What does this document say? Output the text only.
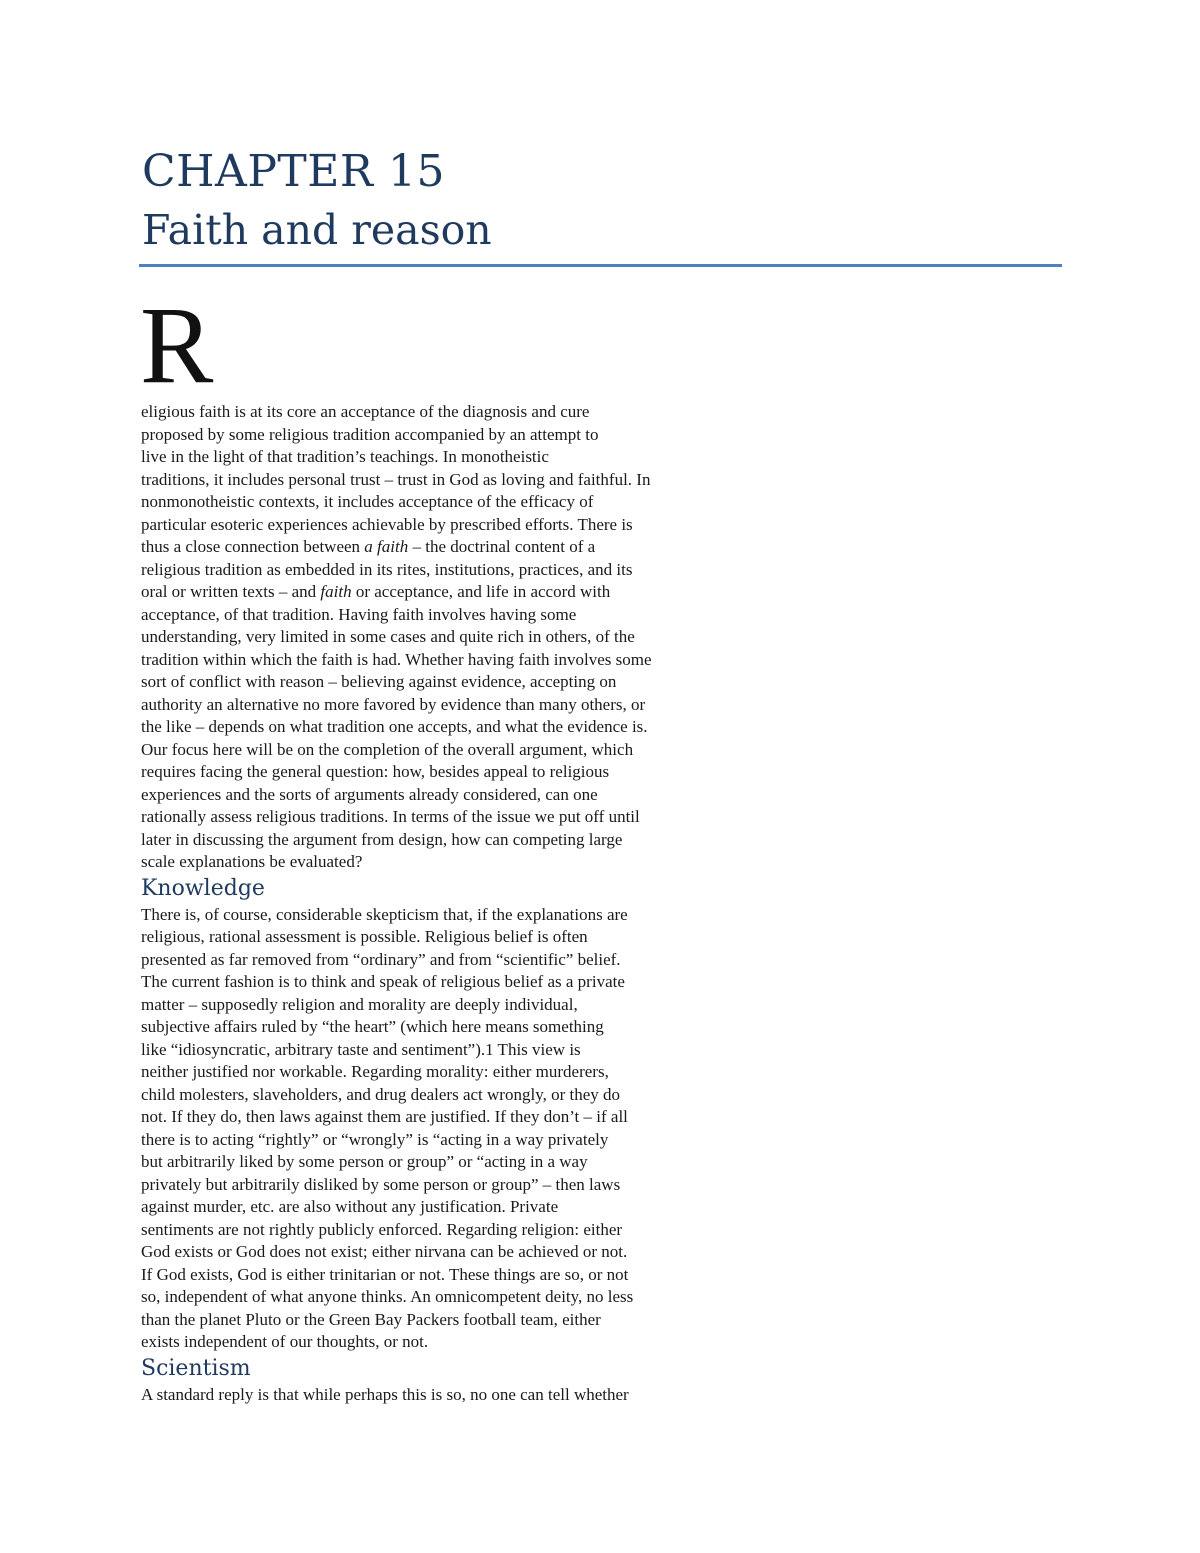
CHAPTER 15
Faith and reason
R
eligious faith is at its core an acceptance of the diagnosis and cure
proposed by some religious tradition accompanied by an attempt to
live in the light of that tradition’s teachings. In monotheistic
traditions, it includes personal trust – trust in God as loving and faithful. In
nonmonotheistic contexts, it includes acceptance of the efficacy of
particular esoteric experiences achievable by prescribed efforts. There is
thus a close connection between a faith – the doctrinal content of a
religious tradition as embedded in its rites, institutions, practices, and its
oral or written texts – and faith or acceptance, and life in accord with
acceptance, of that tradition. Having faith involves having some
understanding, very limited in some cases and quite rich in others, of the
tradition within which the faith is had. Whether having faith involves some
sort of conflict with reason – believing against evidence, accepting on
authority an alternative no more favored by evidence than many others, or
the like – depends on what tradition one accepts, and what the evidence is.
Our focus here will be on the completion of the overall argument, which
requires facing the general question: how, besides appeal to religious
experiences and the sorts of arguments already considered, can one
rationally assess religious traditions. In terms of the issue we put off until
later in discussing the argument from design, how can competing large
scale explanations be evaluated?
Knowledge
There is, of course, considerable skepticism that, if the explanations are
religious, rational assessment is possible. Religious belief is often
presented as far removed from “ordinary” and from “scientific” belief.
The current fashion is to think and speak of religious belief as a private
matter – supposedly religion and morality are deeply individual,
subjective affairs ruled by “the heart” (which here means something
like “idiosyncratic, arbitrary taste and sentiment”).1 This view is
neither justified nor workable. Regarding morality: either murderers,
child molesters, slaveholders, and drug dealers act wrongly, or they do
not. If they do, then laws against them are justified. If they don’t – if all
there is to acting “rightly” or “wrongly” is “acting in a way privately
but arbitrarily liked by some person or group” or “acting in a way
privately but arbitrarily disliked by some person or group” – then laws
against murder, etc. are also without any justification. Private
sentiments are not rightly publicly enforced. Regarding religion: either
God exists or God does not exist; either nirvana can be achieved or not.
If God exists, God is either trinitarian or not. These things are so, or not
so, independent of what anyone thinks. An omnicompetent deity, no less
than the planet Pluto or the Green Bay Packers football team, either
exists independent of our thoughts, or not.
Scientism
A standard reply is that while perhaps this is so, no one can tell whether
